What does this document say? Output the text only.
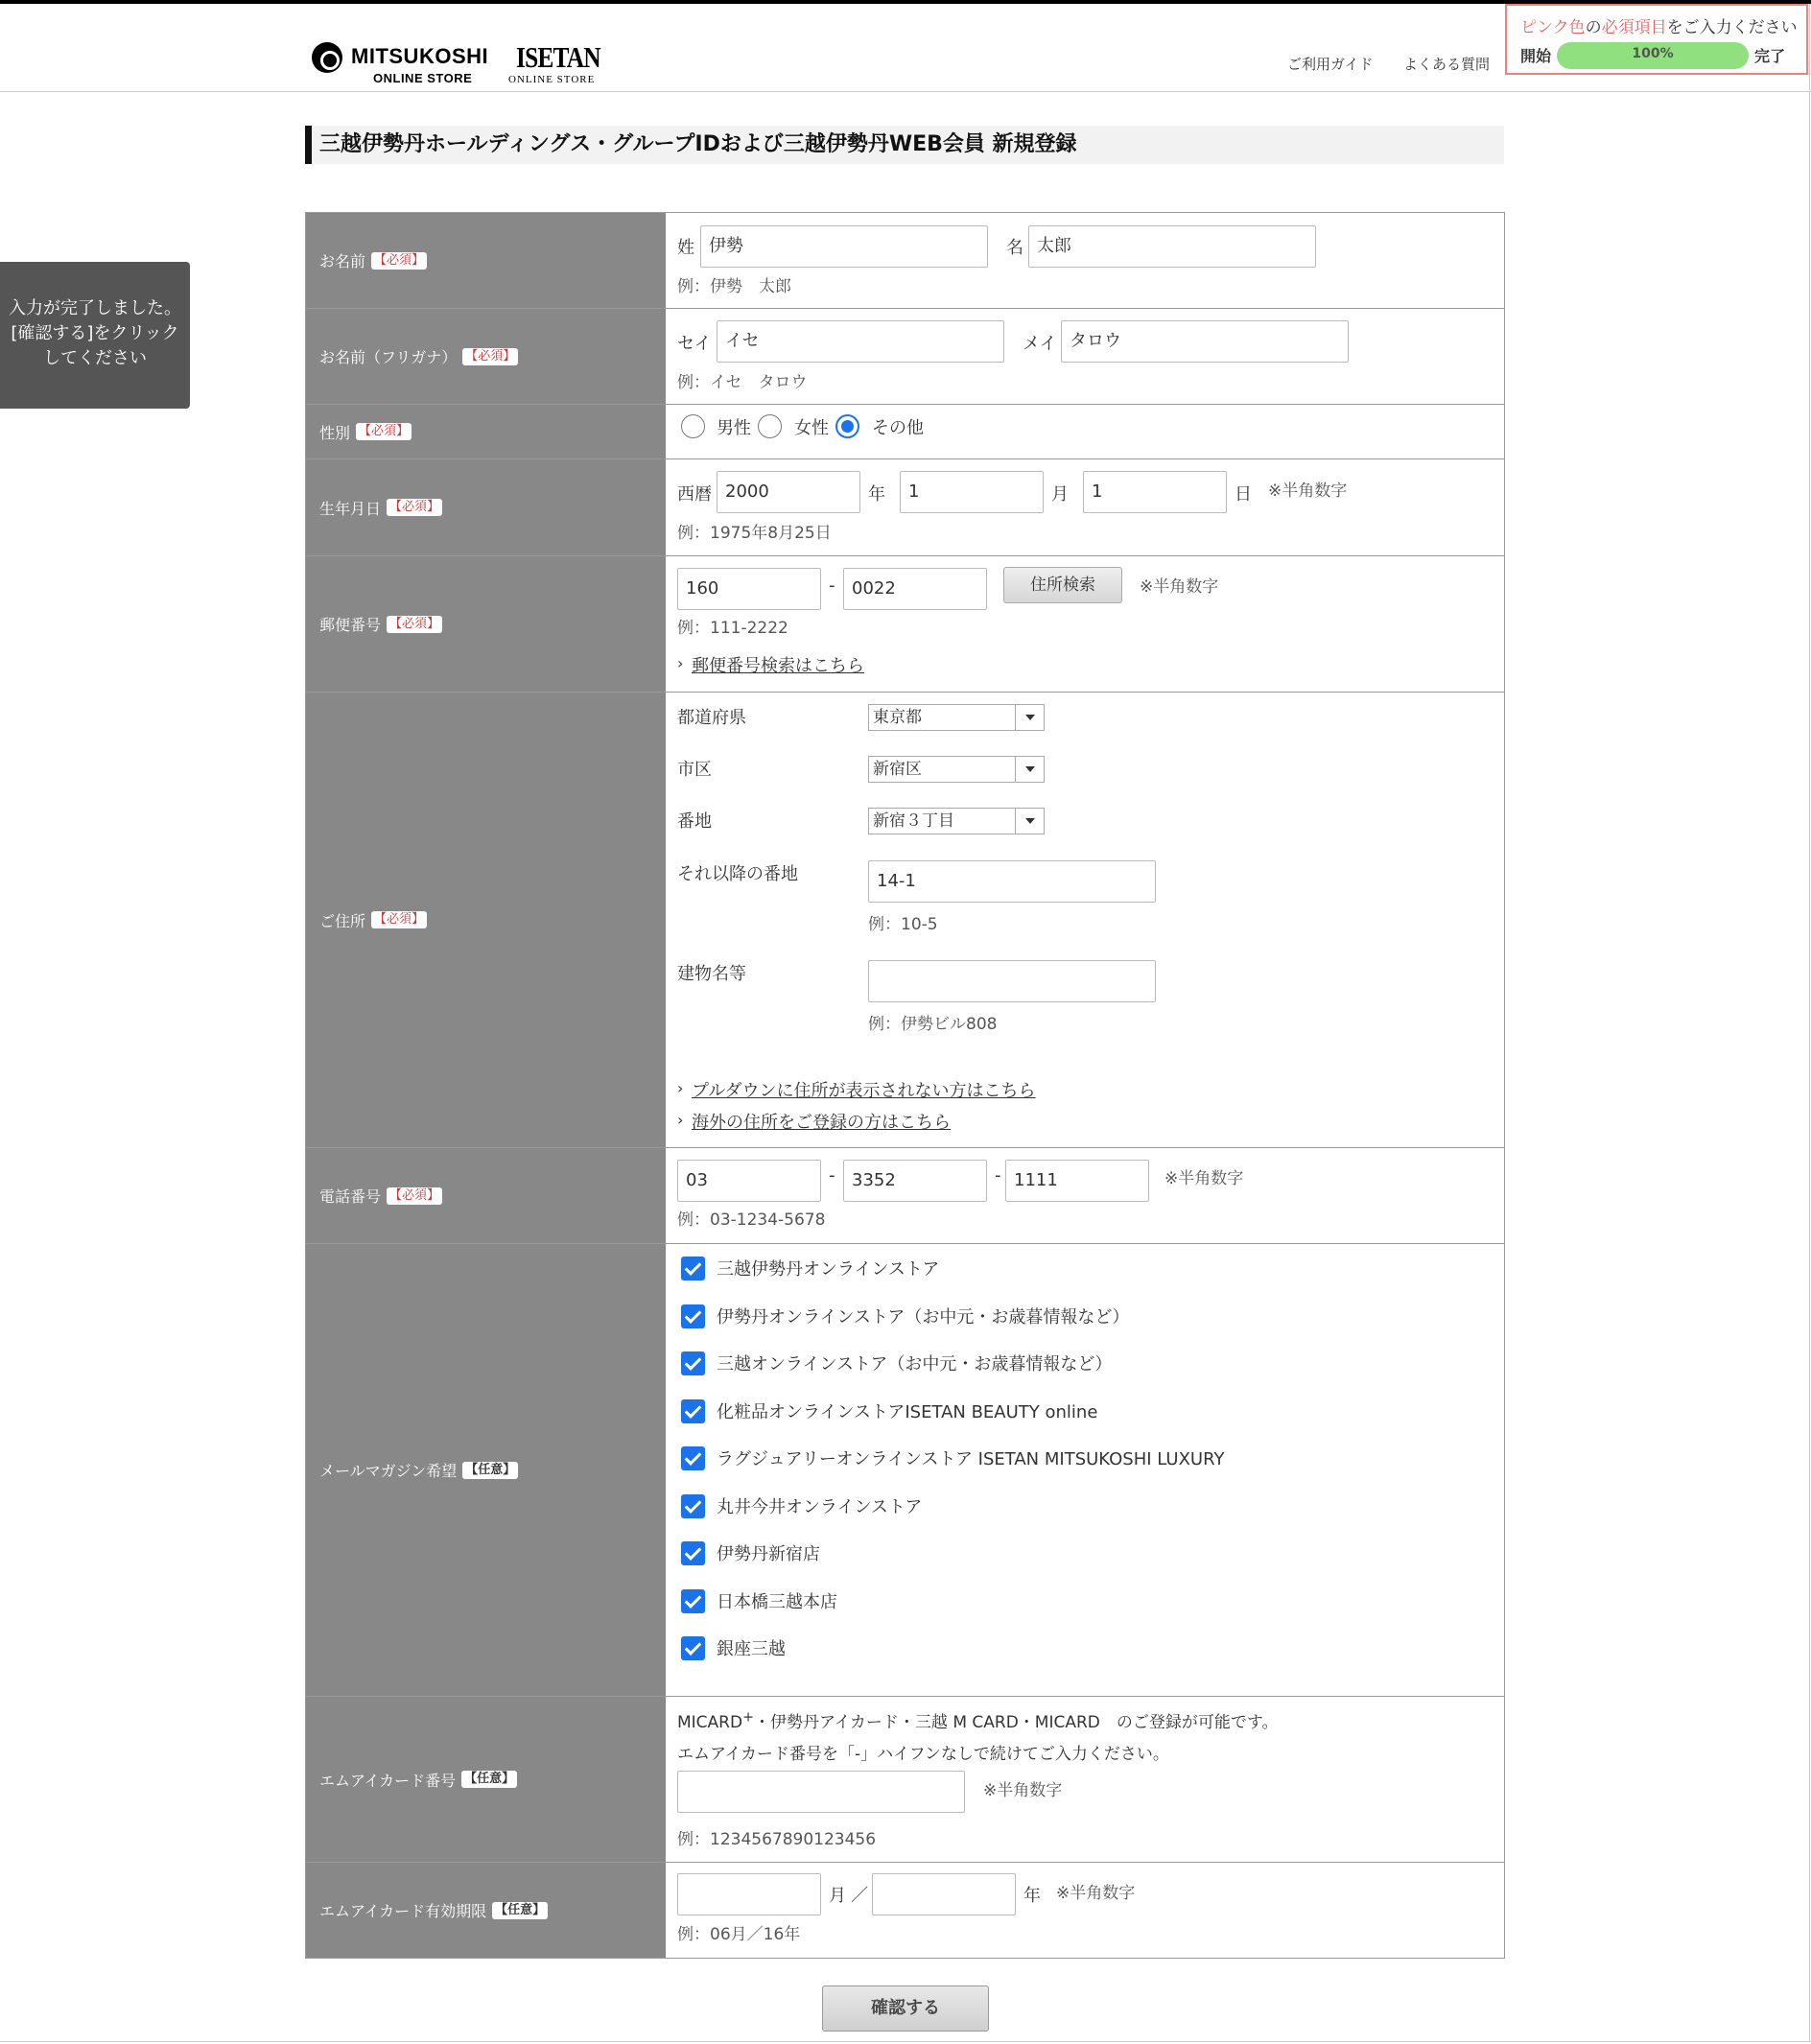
MITSUKOSHI
ONLINE STORE
ISETAN
ONLINE STORE
ご利用ガイド よくある質問
ピンク色の必須項目をご入力ください
開始	100%	完了
入力が完了しました。
[確認する]をクリック
してください
三越伊勢丹ホールディングス・グループIDおよび三越伊勢丹WEB会員 新規登録
お名前 【必須】
姓 伊勢	名 太郎
例：伊勢　太郎
お名前（フリガナ） 【必須】
セイ イセ	メイ タロウ
例：イセ　タロウ
性別 【必須】	男性	女性	その他
生年月日 【必須】
西暦 2000	年	1	月	1	日 ※半角数字
例：1975年8月25日
郵便番号 【必須】
160	- 0022	住所検索	※半角数字
例：111-2222
› 郵便番号検索はこちら
ご住所 【必須】
都道府県	東京都
市区	新宿区
番地	新宿３丁目
それ以降の番地	14-1
例：10-5
建物名等
例：伊勢ビル808
› プルダウンに住所が表示されない方はこちら
› 海外の住所をご登録の方はこちら
電話番号 【必須】
03	- 3352	- 1111	※半角数字
例：03-1234-5678
メールマガジン希望 【任意】
三越伊勢丹オンラインストア
伊勢丹オンラインストア（お中元・お歳暮情報など）
三越オンラインストア（お中元・お歳暮情報など）
化粧品オンラインストアISETAN BEAUTY online
ラグジュアリーオンラインストア ISETAN MITSUKOSHI LUXURY
丸井今井オンラインストア
伊勢丹新宿店
日本橋三越本店
銀座三越
エムアイカード番号 【任意】
MICARD+・伊勢丹アイカード・三越 M CARD・MICARD　のご登録が可能です。
エムアイカード番号を「-」ハイフンなしで続けてご入力ください。
※半角数字
例：1234567890123456
エムアイカード有効期限 【任意】
月 ／	年 ※半角数字
例：06月／16年
確認する
